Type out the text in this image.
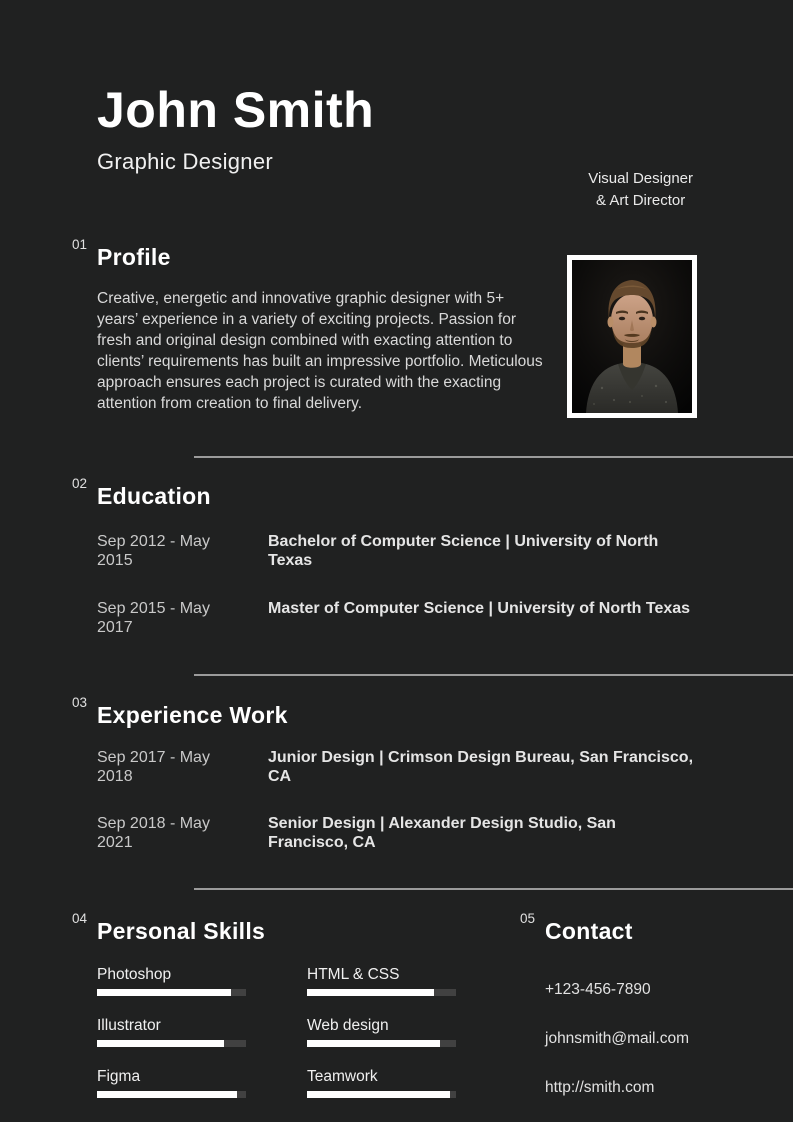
John Smith
Graphic Designer
01 Profile

Creative, energetic and innovative graphic designer with 5+ years’ experience in a variety of exciting projects. Passion for fresh and original design combined with exacting attention to clients’ requirements has built an impressive portfolio. Meticulous approach ensures each project is curated with the exacting attention from creation to final delivery.

02 Education
Sep 2012 - May 2015
Bachelor of Computer Science | University of North Texas
Sep 2015 - May 2017
Master of Computer Science | University of North Texas
03 Experience Work
Sep 2017 - May 2018
Junior Design | Crimson Design Bureau, San Francisco, CA
Sep 2018 - May 2021
Senior Design | Alexander Design Studio, San Francisco, CA
04 Personal Skills
Photoshop
Illustrator
Figma
HTML & CSS
Web design
Teamwork
05 Contact
+123-456-7890
johnsmith@mail.com
http://smith.com
Visual Designer
& Art Director
